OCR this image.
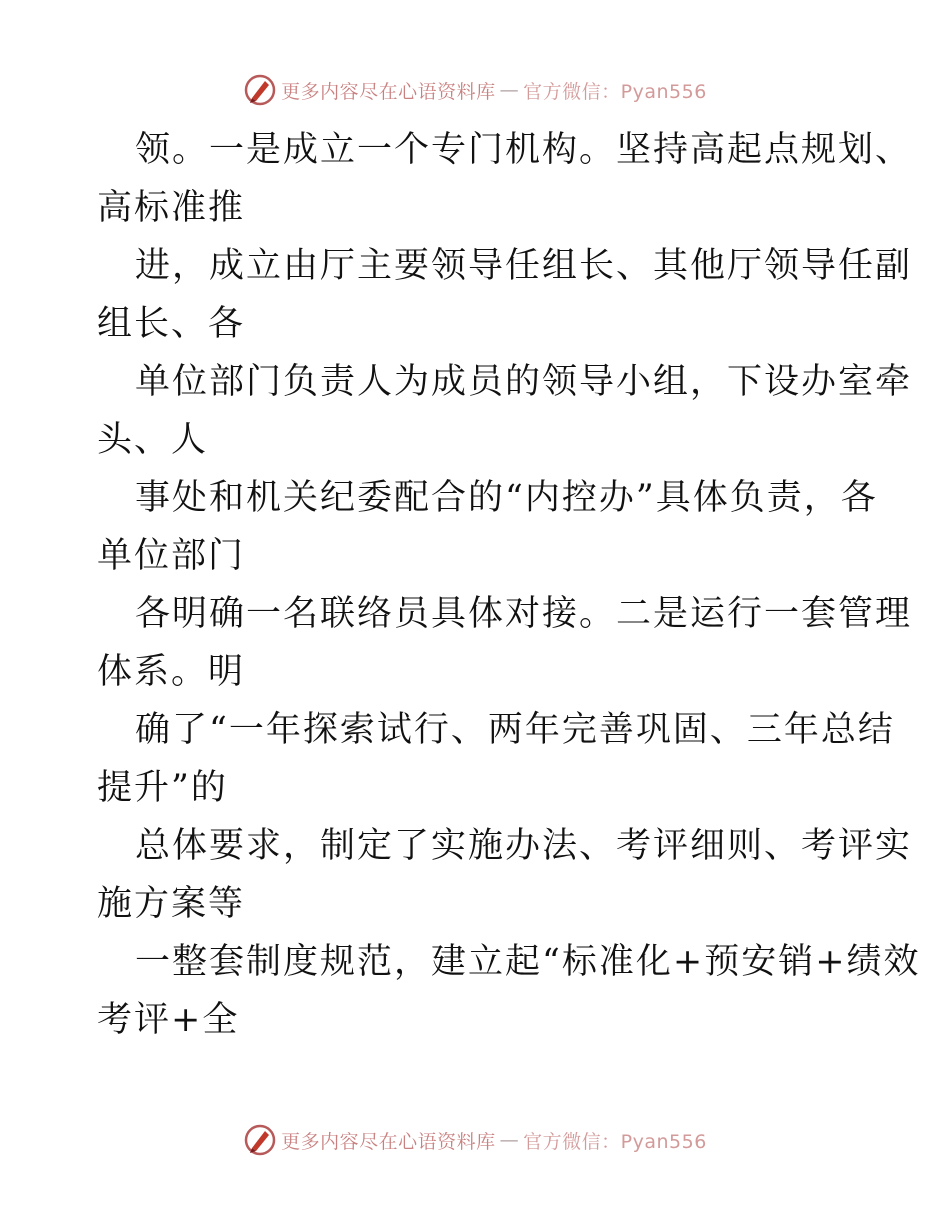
更多内容尽在心语资料库 — 官方微信：Pyan556
领。一是成立一个专门机构。坚持高起点规划、
高标准推
进，成立由厅主要领导任组长、其他厅领导任副
组长、各
单位部门负责人为成员的领导小组，下设办室牵
头、人
事处和机关纪委配合的“内控办”具体负责，各
单位部门
各明确一名联络员具体对接。二是运行一套管理
体系。明
确了“一年探索试行、两年完善巩固、三年总结
提升”的
总体要求，制定了实施办法、考评细则、考评实
施方案等
一整套制度规范，建立起“标准化+预安销+绩效
考评+全
更多内容尽在心语资料库 — 官方微信：Pyan556
